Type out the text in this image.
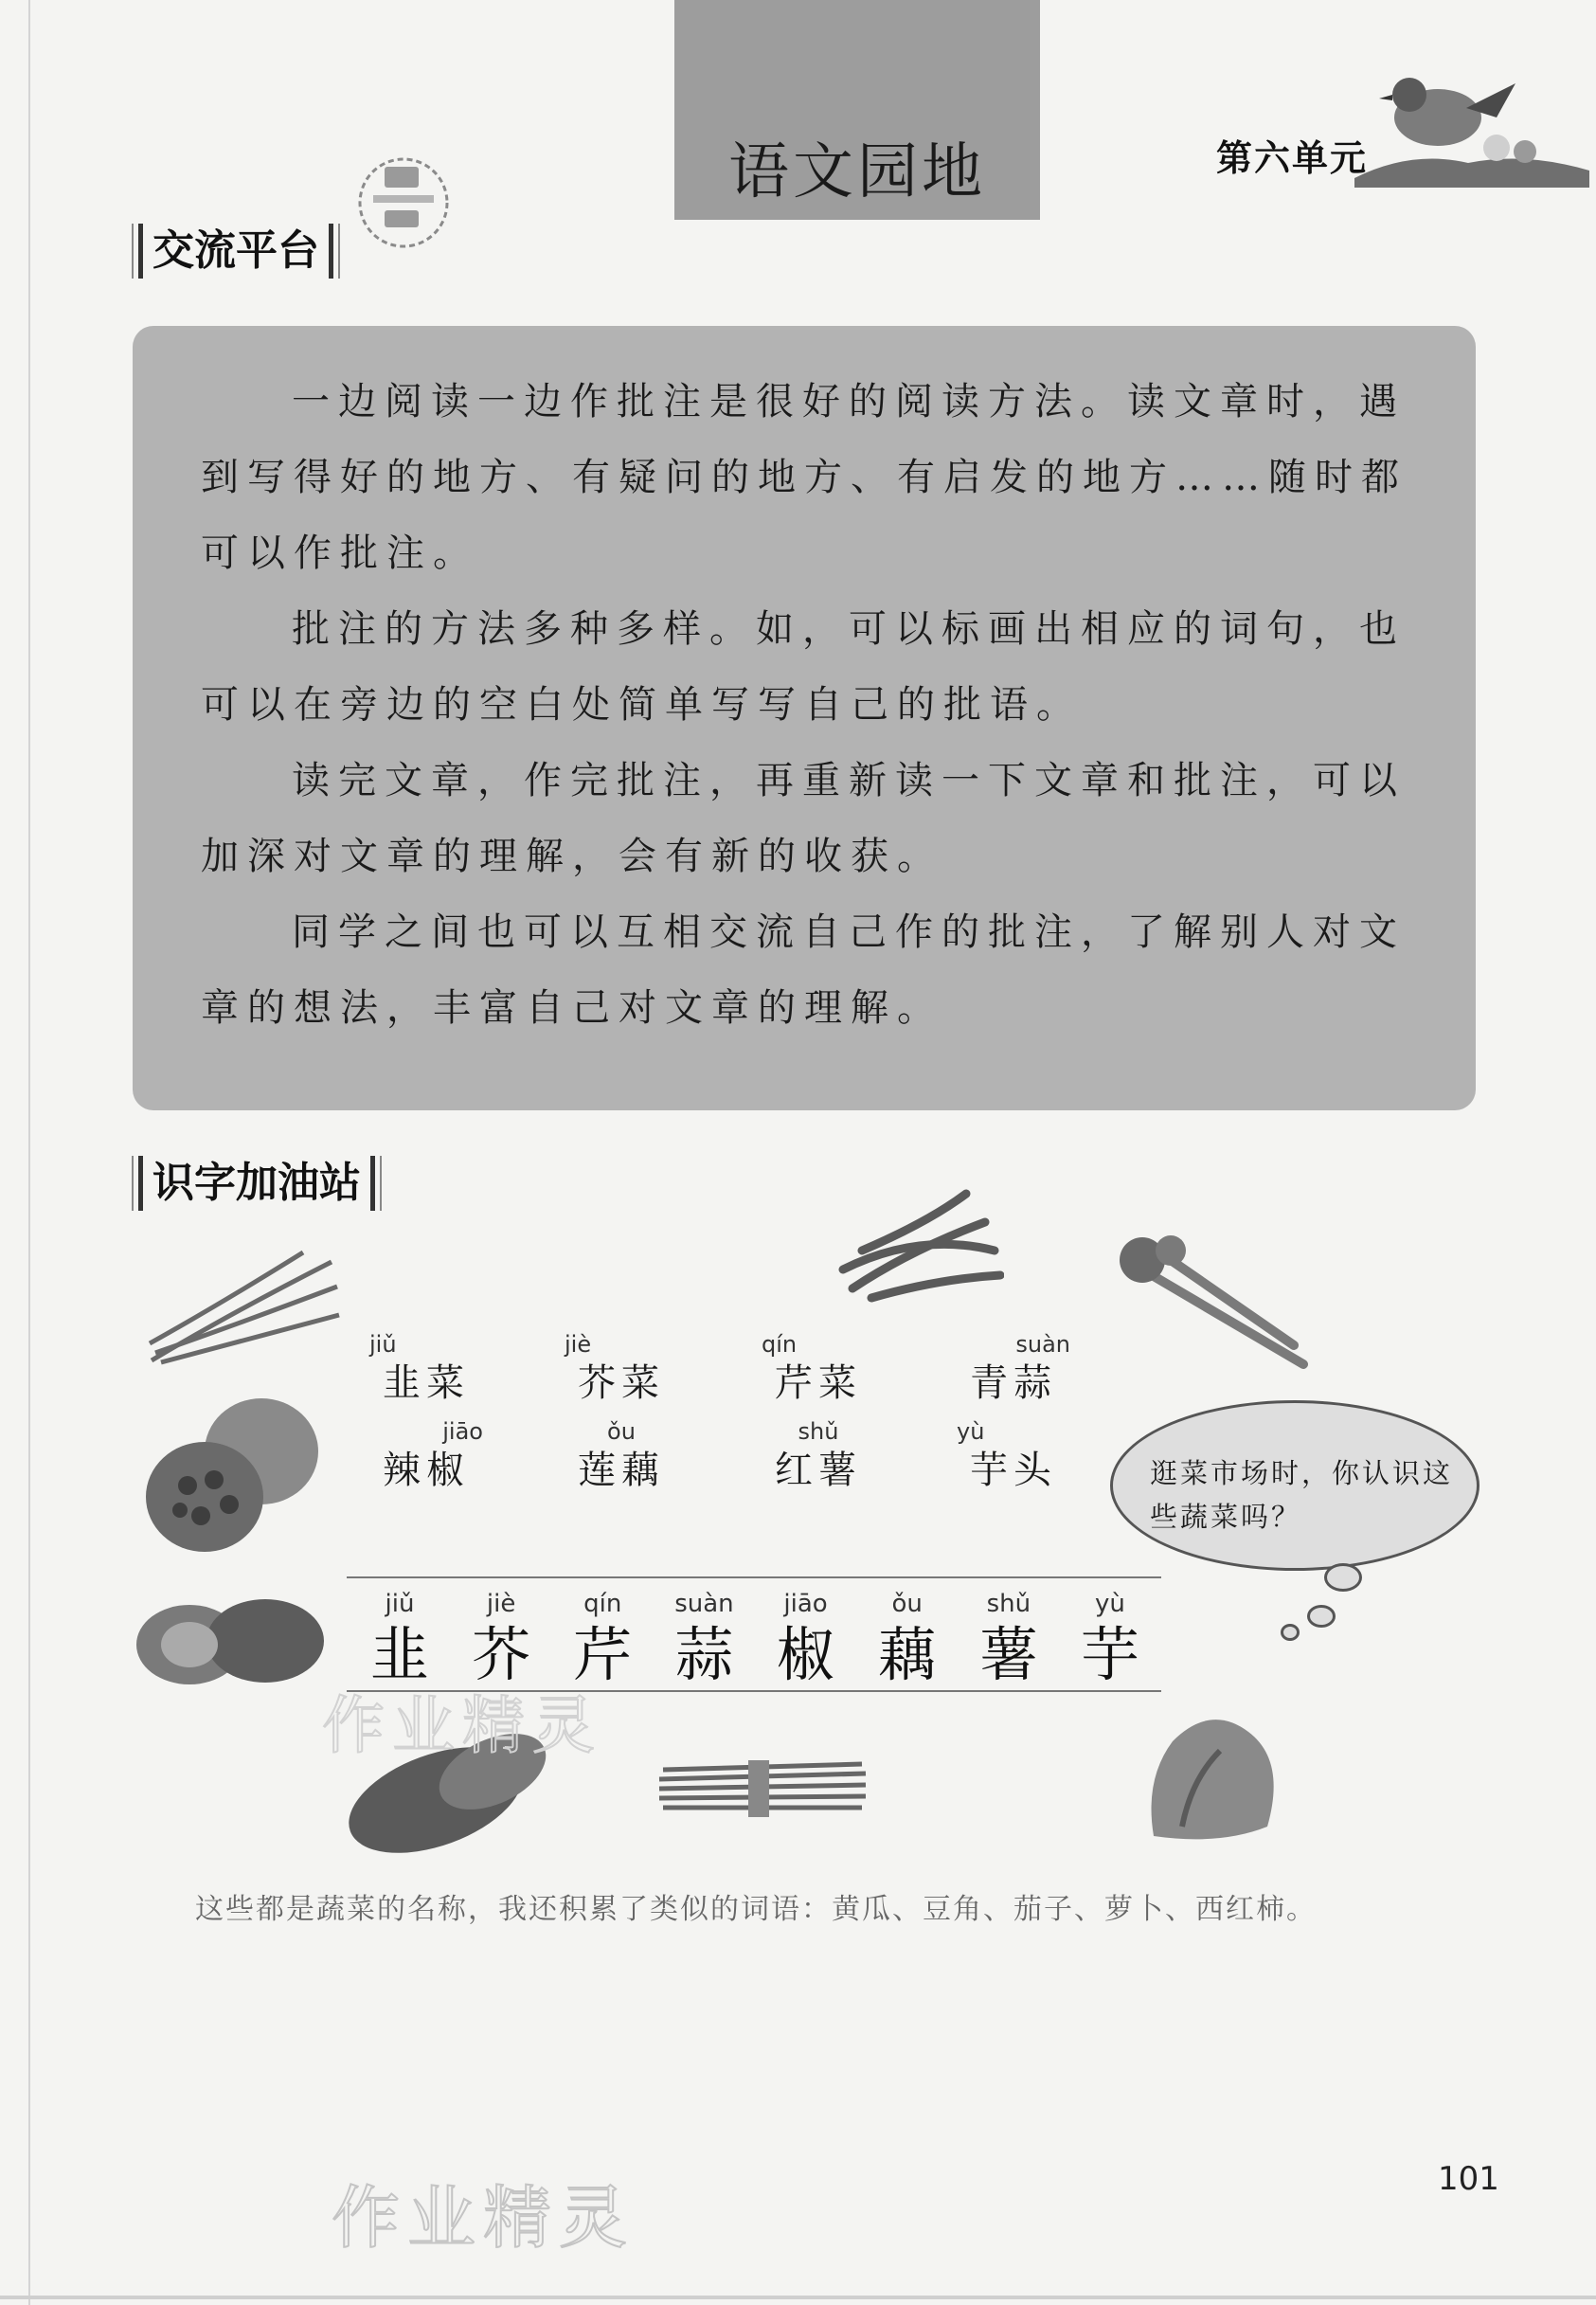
语文园地	第六单元
交流平台

一边阅读一边作批注是很好的阅读方法。读文章时，遇到写得好的地方、有疑问的地方、有启发的地方……随时都可以作批注。

批注的方法多种多样。如，可以标画出相应的词句，也可以在旁边的空白处简单写写自己的批语。

读完文章，作完批注，再重新读一下文章和批注，可以加深对文章的理解，会有新的收获。

同学之间也可以互相交流自己作的批注，了解别人对文章的想法，丰富自己对文章的理解。

识字加油站
jiǔ
韭菜
jiè
芥菜
qín
芹菜
suàn
青蒜
jiāo
辣椒
ǒu
莲藕
shǔ
红薯
yù
芋头	逛菜市场时，你认识这些蔬菜吗？
jiǔ
韭
jiè
芥
qín
芹
suàn
蒜
jiāo
椒
ǒu
藕
shǔ
薯
yù
芋
作业精灵
作业精灵
这些都是蔬菜的名称，我还积累了类似的词语：黄瓜、豆角、茄子、萝卜、西红柿。
101
